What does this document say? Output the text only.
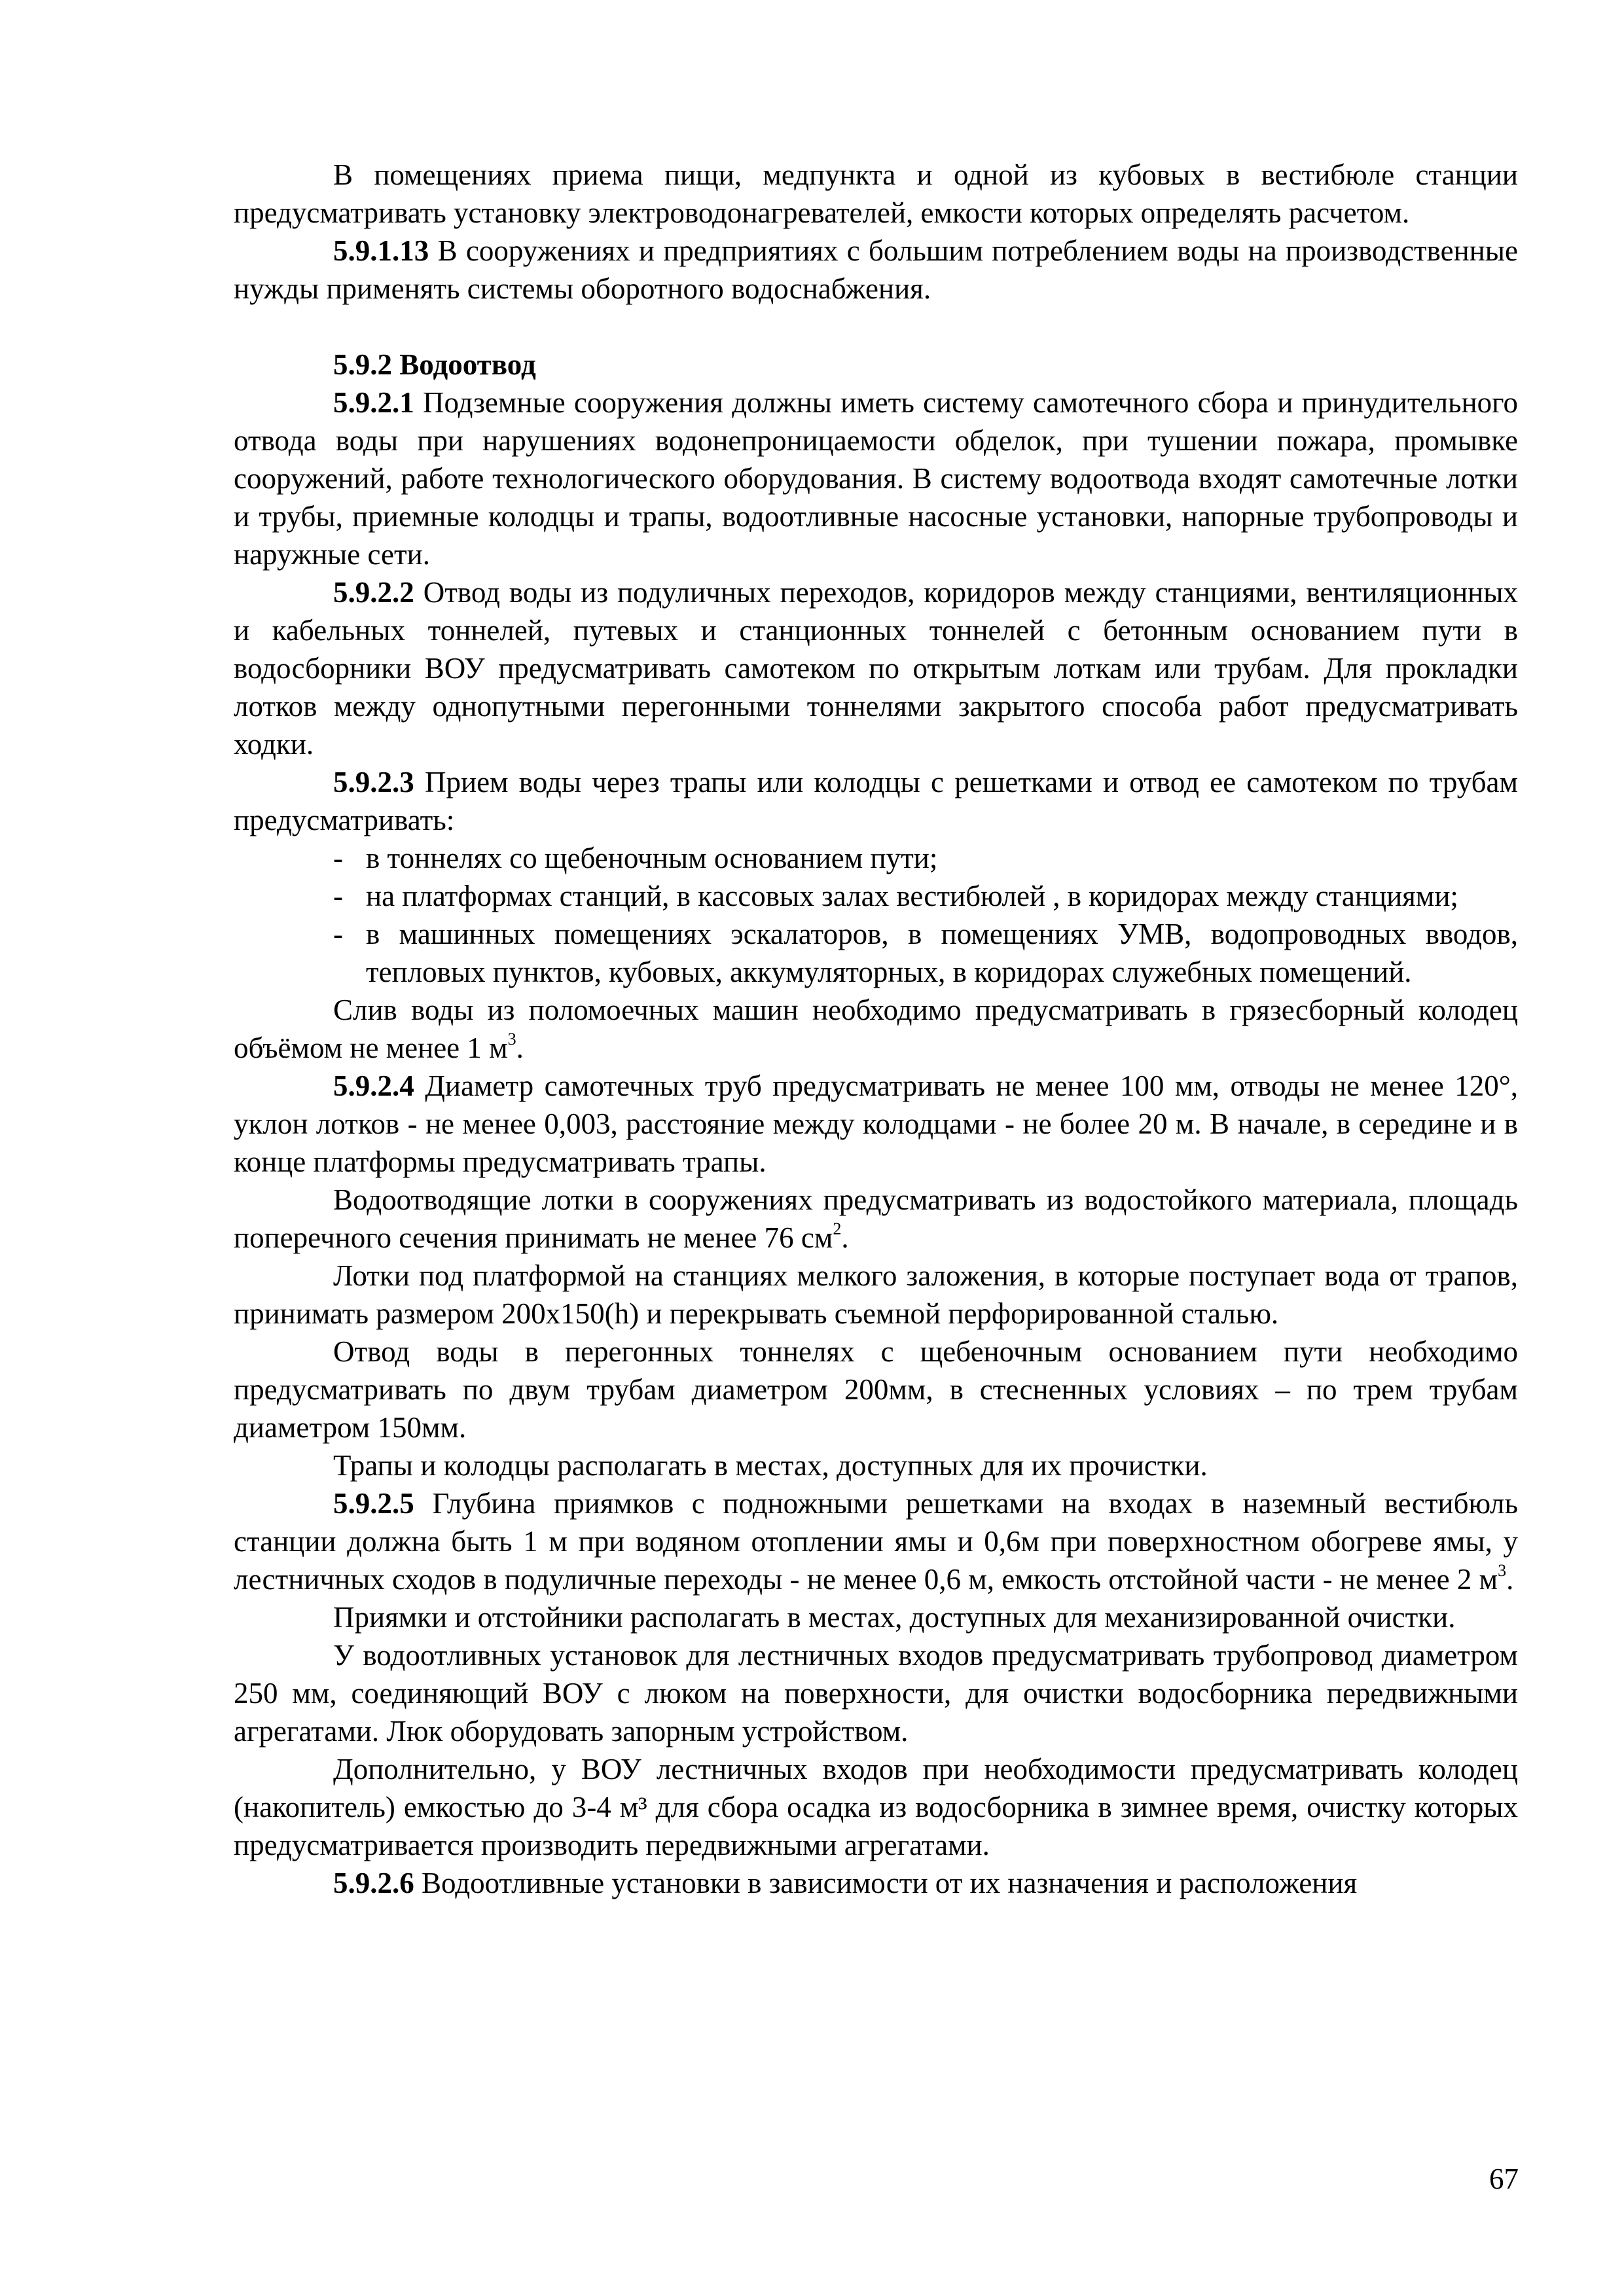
В помещениях приема пищи, медпункта и одной из кубовых в вестибюле станции предусматривать установку электроводонагревателей, емкости которых определять расчетом.

5.9.1.13 В сооружениях и предприятиях с большим потреблением воды на производственные нужды применять системы оборотного водоснабжения.

5.9.2 Водоотвод

5.9.2.1 Подземные сооружения должны иметь систему самотечного сбора и принудительного отвода воды при нарушениях водонепроницаемости обделок, при тушении пожара, промывке сооружений, работе технологического оборудования. В систему водоотвода входят самотечные лотки и трубы, приемные колодцы и трапы, водоотливные насосные установки, напорные трубопроводы и наружные сети.

5.9.2.2 Отвод воды из подуличных переходов, коридоров между станциями, вентиляционных и кабельных тоннелей, путевых и станционных тоннелей с бетонным основанием пути в водосборники ВОУ предусматривать самотеком по открытым лоткам или трубам. Для прокладки лотков между однопутными перегонными тоннелями закрытого способа работ предусматривать ходки.

5.9.2.3 Прием воды через трапы или колодцы с решетками и отвод ее самотеком по трубам предусматривать:

- в тоннелях со щебеночным основанием пути;
- на платформах станций, в кассовых залах вестибюлей , в коридорах между станциями;
- в машинных помещениях эскалаторов, в помещениях УМВ, водопроводных вводов, тепловых пунктов, кубовых, аккумуляторных, в коридорах служебных помещений.

Слив воды из поломоечных машин необходимо предусматривать в грязесборный колодец объёмом не менее 1 $м^3$.

5.9.2.4 Диаметр самотечных труб предусматривать не менее 100 мм, отводы не менее 120°, уклон лотков - не менее 0,003, расстояние между колодцами - не более 20 м. В начале, в середине и в конце платформы предусматривать трапы.

Водоотводящие лотки в сооружениях предусматривать из водостойкого материала, площадь поперечного сечения принимать не менее 76 $см^2$.

Лотки под платформой на станциях мелкого заложения, в которые поступает вода от трапов, принимать размером 200х150(h) и перекрывать съемной перфорированной сталью.

Отвод воды в перегонных тоннелях с щебеночным основанием пути необходимо предусматривать по двум трубам диаметром 200мм, в стесненных условиях – по трем трубам диаметром 150мм.

Трапы и колодцы располагать в местах, доступных для их прочистки.

5.9.2.5 Глубина приямков с подножными решетками на входах в наземный вестибюль станции должна быть 1 м при водяном отоплении ямы и 0,6м при поверхностном обогреве ямы, у лестничных сходов в подуличные переходы - не менее 0,6 м, емкость отстойной части - не менее 2 $м^3$.

Приямки и отстойники располагать в местах, доступных для механизированной очистки.

У водоотливных установок для лестничных входов предусматривать трубопровод диаметром 250 мм, соединяющий ВОУ с люком на поверхности, для очистки водосборника передвижными агрегатами. Люк оборудовать запорным устройством.

Дополнительно, у ВОУ лестничных входов при необходимости предусматривать колодец (накопитель) емкостью до 3-4 м³ для сбора осадка из водосборника в зимнее время, очистку которых предусматривается производить передвижными агрегатами.

5.9.2.6 Водоотливные установки в зависимости от их назначения и расположения

67
